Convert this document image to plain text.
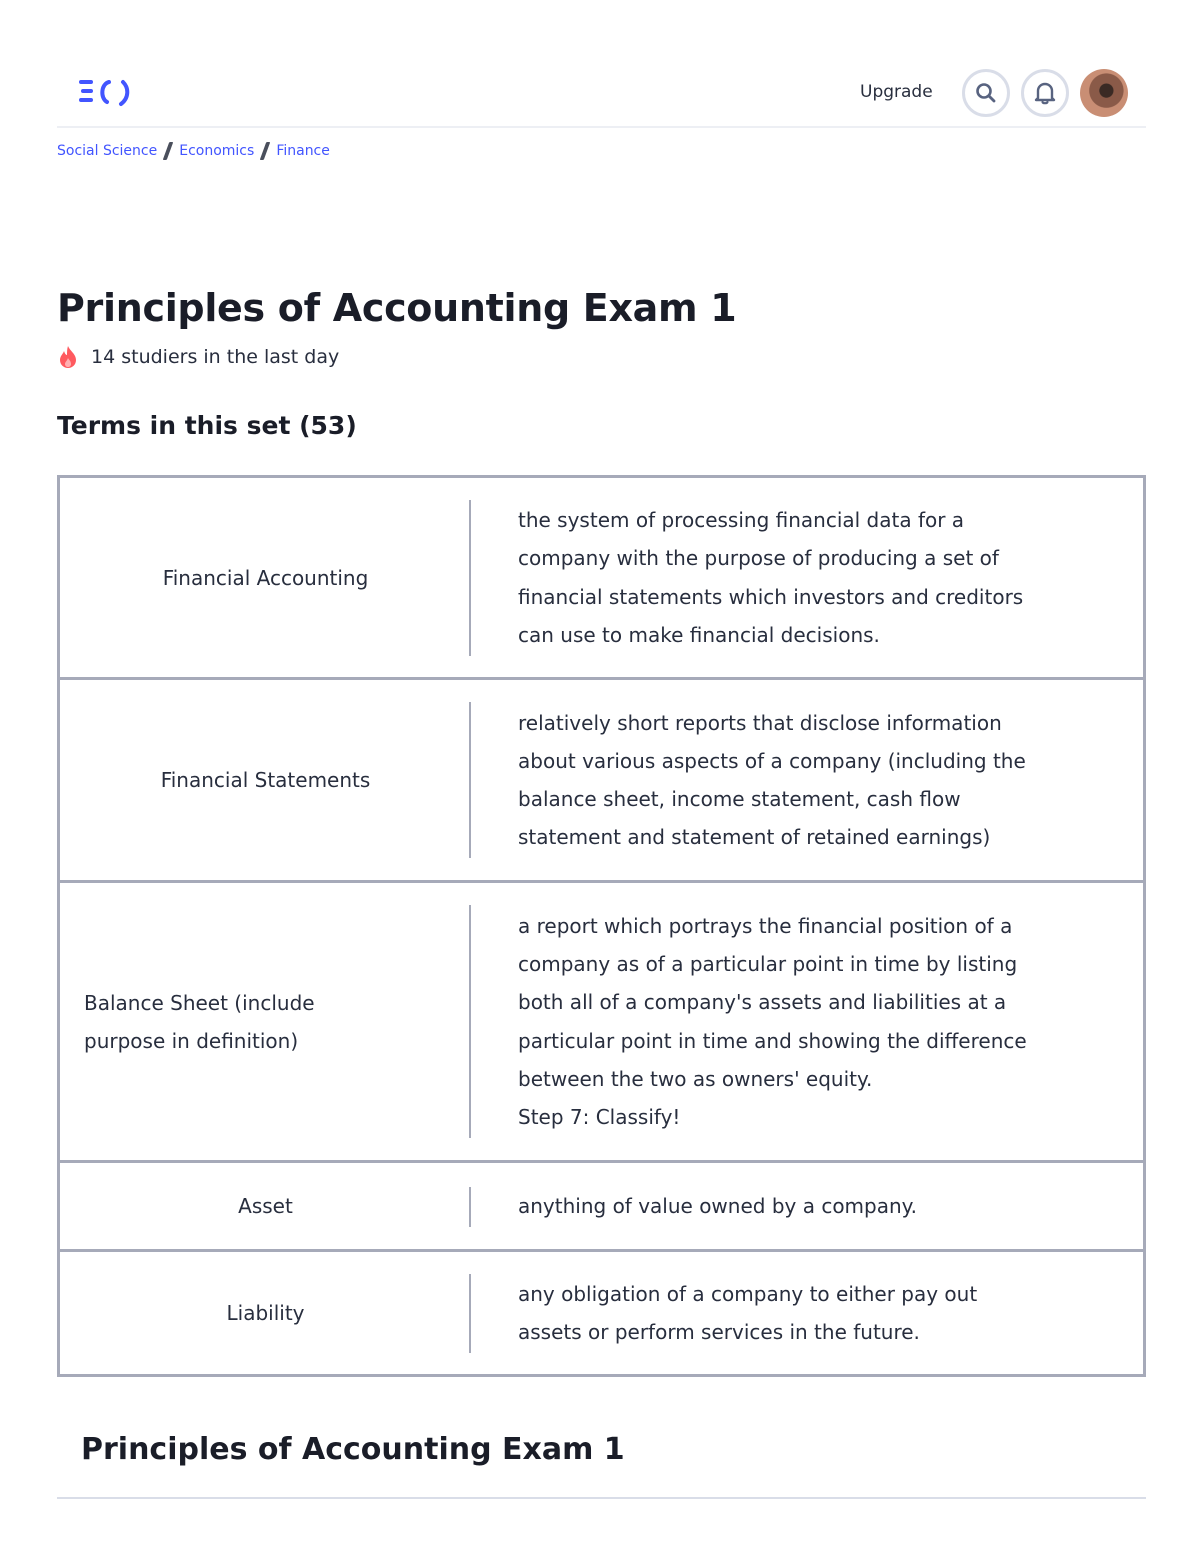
Upgrade
Social Science Economics Finance
Principles of Accounting Exam 1
14 studiers in the last day
Terms in this set (53)
Financial Accounting
the system of processing financial data for a
company with the purpose of producing a set of
financial statements which investors and creditors
can use to make financial decisions.
Financial Statements
relatively short reports that disclose information
about various aspects of a company (including the
balance sheet, income statement, cash flow
statement and statement of retained earnings)
Balance Sheet (include
purpose in definition)
a report which portrays the financial position of a
company as of a particular point in time by listing
both all of a company's assets and liabilities at a
particular point in time and showing the difference
between the two as owners' equity.
Step 7: Classify!
Asset	anything of value owned by a company.
Liability
any obligation of a company to either pay out
assets or perform services in the future.
Principles of Accounting Exam 1
